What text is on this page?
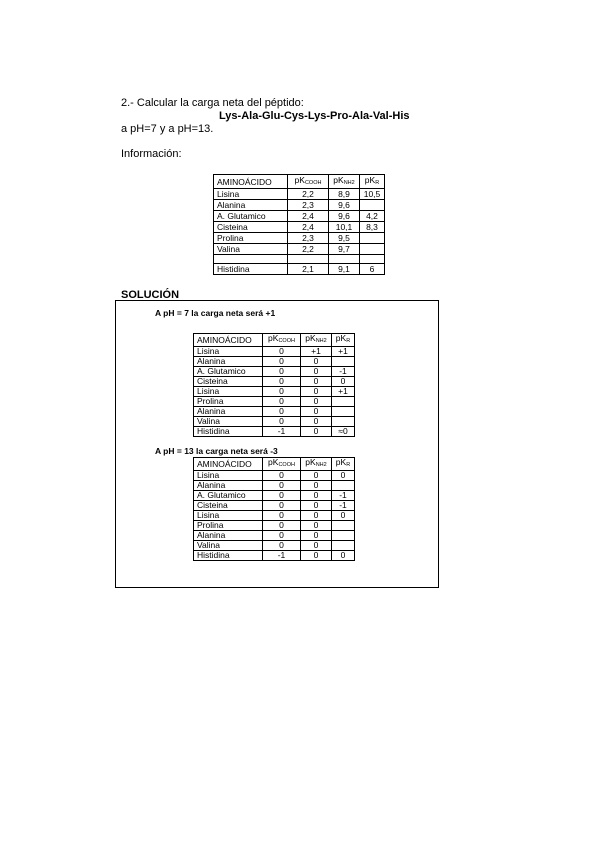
2.- Calcular la carga neta del péptido:
Lys-Ala-Glu-Cys-Lys-Pro-Ala-Val-His
a pH=7 y a pH=13.
Información:
AMINOÁCIDO	$pK_{COOH}$	$pK_{NH2}$	$pK_R$
Lisina	2,2	8,9	10,5
Alanina	2,3	9,6	
A. Glutamico	2,4	9,6	4,2
Cisteina	2,4	10,1	8,3
Prolina	2,3	9,5	
Valina	2,2	9,7	

Histidina	2,1	9,1	6
SOLUCIÓN
A pH = 7 la carga neta será +1
AMINOÁCIDO	$pK_{COOH}$	$pK_{NH2}$	$pK_R$
Lisina	0	+1	+1
Alanina	0	0	
A. Glutamico	0	0	-1
Cisteina	0	0	0
Lisina	0	0	+1
Prolina	0	0	
Alanina	0	0	
Valina	0	0	
Histidina	-1	0	≈0
A pH = 13 la carga neta será -3
AMINOÁCIDO	$pK_{COOH}$	$pK_{NH2}$	$pK_R$
Lisina	0	0	0
Alanina	0	0	
A. Glutamico	0	0	-1
Cisteina	0	0	-1
Lisina	0	0	0
Prolina	0	0	
Alanina	0	0	
Valina	0	0	
Histidina	-1	0	0
